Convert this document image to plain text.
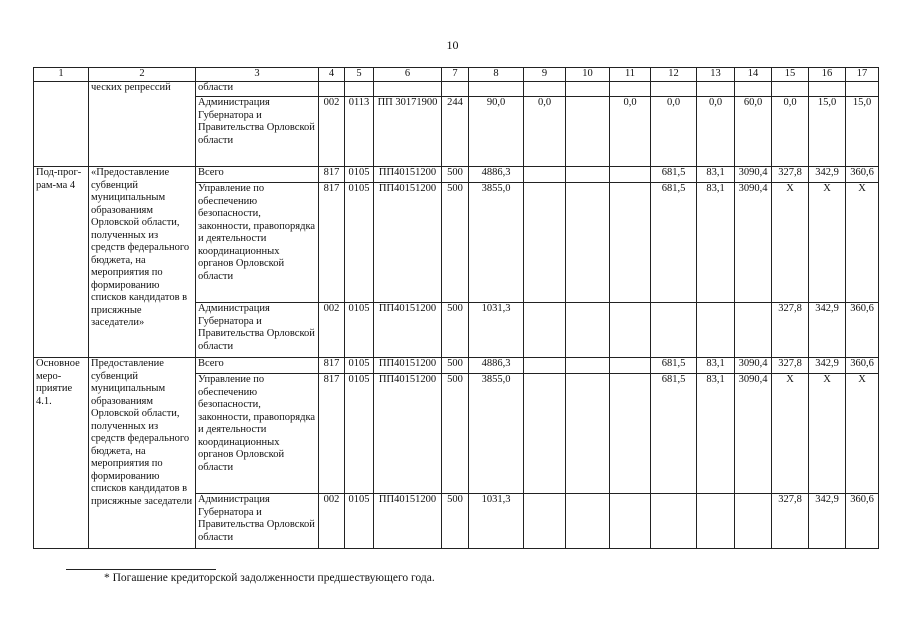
10
1	2	3	4	5	6	7	8	9	10	11	12	13	14	15	16	17
	ческих репрессий	области														
		Администрация Губернатора и Правительства Орловской области	002	0113	ПП 30171900	244	90,0	0,0		0,0	0,0	0,0	60,0	0,0	15,0	15,0
Под-прог-рам-ма 4	«Предоставление субвенций муниципальным образованиям Орловской области, полученных из средств федерального бюджета, на мероприятия по формированию списков кандидатов в присяжные заседатели»	Всего	817	0105	ПП40151200	500	4886,3				681,5	83,1	3090,4	327,8	342,9	360,6
		Управление по обеспечению безопасности, законности, правопорядка и деятельности координационных органов Орловской области	817	0105	ПП40151200	500	3855,0				681,5	83,1	3090,4	X	X	X
		Администрация Губернатора и Правительства Орловской области	002	0105	ПП40151200	500	1031,3							327,8	342,9	360,6
Основное меро-приятие 4.1.	Предоставление субвенций муниципальным образованиям Орловской области, полученных из средств федерального бюджета, на мероприятия по формированию списков кандидатов в присяжные заседатели	Всего	817	0105	ПП40151200	500	4886,3				681,5	83,1	3090,4	327,8	342,9	360,6
		Управление по обеспечению безопасности, законности, правопорядка и деятельности координационных органов Орловской области	817	0105	ПП40151200	500	3855,0				681,5	83,1	3090,4	X	X	X
		Администрация Губернатора и Правительства Орловской области	002	0105	ПП40151200	500	1031,3							327,8	342,9	360,6
* Погашение кредиторской задолженности предшествующего года.
